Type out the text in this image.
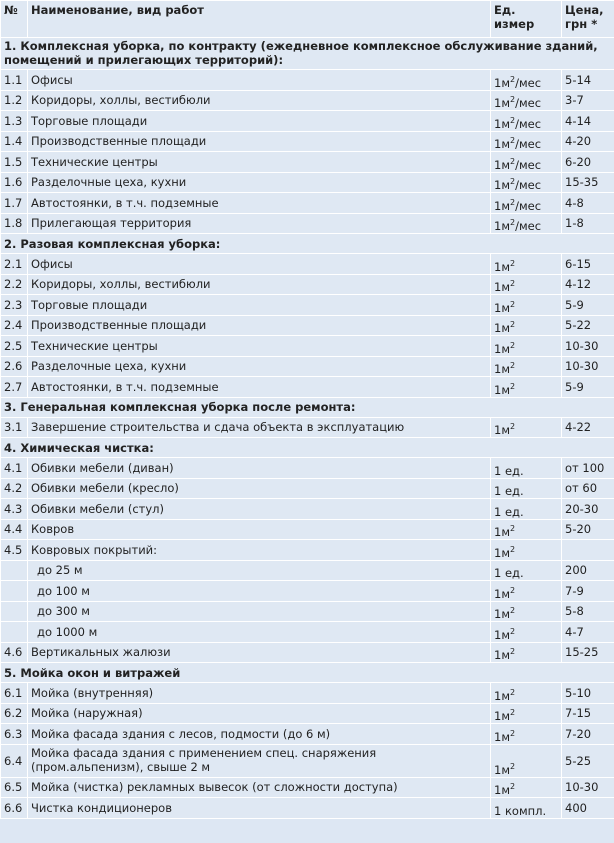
№	Наименование, вид работ	Ед. измер	Цена, грн *
1. Комплексная уборка, по контракту (ежедневное комплексное обслуживание зданий, помещений и прилегающих территорий):			
1.1	Офисы	$1м^2$/мес	5-14
1.2	Коридоры, холлы, вестибюли	$1м^2$/мес	3-7
1.3	Торговые площади	$1м^2$/мес	4-14
1.4	Производственные площади	$1м^2$/мес	4-20
1.5	Технические центры	$1м^2$/мес	6-20
1.6	Разделочные цеха, кухни	$1м^2$/мес	15-35
1.7	Автостоянки, в т.ч. подземные	$1м^2$/мес	4-8
1.8	Прилегающая территория	$1м^2$/мес	1-8
2. Разовая комплексная уборка:			
2.1	Офисы	$1м^2$	6-15
2.2	Коридоры, холлы, вестибюли	$1м^2$	4-12
2.3	Торговые площади	$1м^2$	5-9
2.4	Производственные площади	$1м^2$	5-22
2.5	Технические центры	$1м^2$	10-30
2.6	Разделочные цеха, кухни	$1м^2$	10-30
2.7	Автостоянки, в т.ч. подземные	$1м^2$	5-9
3. Генеральная комплексная уборка после ремонта:			
3.1	Завершение строительства и сдача объекта в эксплуатацию	$1м^2$	4-22
4. Химическая чистка:			
4.1	Обивки мебели (диван)	1 ед.	от 100
4.2	Обивки мебели (кресло)	1 ед.	от 60
4.3	Обивки мебели (стул)	1 ед.	20-30
4.4	Ковров	$1м^2$	5-20
4.5	Ковровых покрытий:	$1м^2$	
	до 25 м	1 ед.	200
	до 100 м	$1м^2$	7-9
	до 300 м	$1м^2$	5-8
	до 1000 м	$1м^2$	4-7
4.6	Вертикальных жалюзи	$1м^2$	15-25
5. Мойка окон и витражей			
6.1	Мойка (внутренняя)	$1м^2$	5-10
6.2	Мойка (наружная)	$1м^2$	7-15
6.3	Мойка фасада здания с лесов, подмости (до 6 м)	$1м^2$	7-20
6.4	Мойка фасада здания с применением спец. снаряжения (пром.альпенизм), свыше 2 м	$1м^2$	5-25
6.5	Мойка (чистка) рекламных вывесок (от сложности доступа)	$1м^2$	10-30
6.6	Чистка кондиционеров	1 компл.	400
